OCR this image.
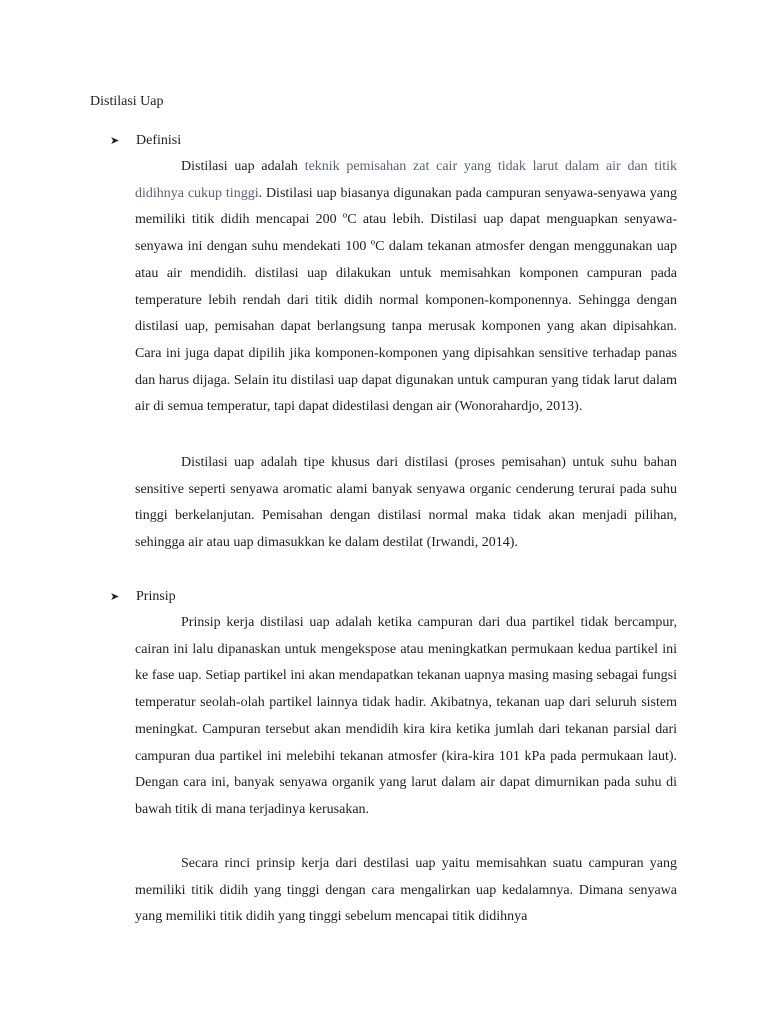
Distilasi Uap
➤	Definisi

Distilasi uap adalah teknik pemisahan zat cair yang tidak larut dalam air dan titik didihnya cukup tinggi. Distilasi uap biasanya digunakan pada campuran senyawa-senyawa yang memiliki titik didih mencapai 200 ºC atau lebih. Distilasi uap dapat menguapkan senyawa-senyawa ini dengan suhu mendekati 100 ºC dalam tekanan atmosfer dengan menggunakan uap atau air mendidih. distilasi uap dilakukan untuk memisahkan komponen campuran pada temperature lebih rendah dari titik didih normal komponen-komponennya. Sehingga dengan distilasi uap, pemisahan dapat berlangsung tanpa merusak komponen yang akan dipisahkan. Cara ini juga dapat dipilih jika komponen-komponen yang dipisahkan sensitive terhadap panas dan harus dijaga. Selain itu distilasi uap dapat digunakan untuk campuran yang tidak larut dalam air di semua temperatur, tapi dapat didestilasi dengan air (Wonorahardjo, 2013).

Distilasi uap adalah tipe khusus dari distilasi (proses pemisahan) untuk suhu bahan sensitive seperti senyawa aromatic alami banyak senyawa organic cenderung terurai pada suhu tinggi berkelanjutan. Pemisahan dengan distilasi normal maka tidak akan menjadi pilihan, sehingga air atau uap dimasukkan ke dalam destilat (Irwandi, 2014).

➤	Prinsip

Prinsip kerja distilasi uap adalah ketika campuran dari dua partikel tidak bercampur, cairan ini lalu dipanaskan untuk mengekspose atau meningkatkan permukaan kedua partikel ini ke fase uap. Setiap partikel ini akan mendapatkan tekanan uapnya masing masing sebagai fungsi temperatur seolah-olah partikel lainnya tidak hadir. Akibatnya, tekanan uap dari seluruh sistem meningkat. Campuran tersebut akan mendidih kira kira ketika jumlah dari tekanan parsial dari campuran dua partikel ini melebihi tekanan atmosfer (kira-kira 101 kPa pada permukaan laut). Dengan cara ini, banyak senyawa organik yang larut dalam air dapat dimurnikan pada suhu di bawah titik di mana terjadinya kerusakan.

Secara rinci prinsip kerja dari destilasi uap yaitu memisahkan suatu campuran yang memiliki titik didih yang tinggi dengan cara mengalirkan uap kedalamnya. Dimana senyawa yang memiliki titik didih yang tinggi sebelum mencapai titik didihnya
